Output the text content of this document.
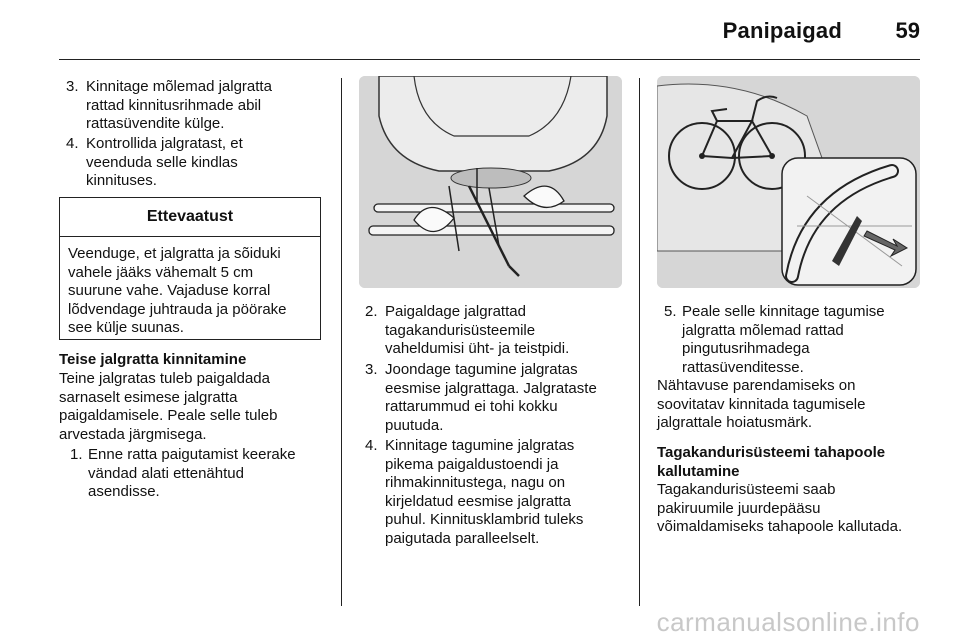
Panipaigad 59
3. Kinnitage mõlemad jalgratta
rattad kinnitusrihmade abil
rattasüvendite külge.
4. Kontrollida jalgratast, et
veenduda selle kindlas
kinnituses.
Ettevaatust
Veenduge, et jalgratta ja sõiduki
vahele jääks vähemalt 5 cm
suurune vahe. Vajaduse korral
lõdvendage juhtrauda ja pöörake
see külje suunas.
Teise jalgratta kinnitamine
Teine jalgratas tuleb paigaldada
sarnaselt esimese jalgratta
paigaldamisele. Peale selle tuleb
arvestada järgmisega.
1. Enne ratta paigutamist keerake
vändad alati ettenähtud
asendisse.
2. Paigaldage jalgrattad
tagakandurisüsteemile
vaheldumisi üht- ja teistpidi.
3. Joondage tagumine jalgratas
eesmise jalgrattaga. Jalgrataste
rattarummud ei tohi kokku
puutuda.
4. Kinnitage tagumine jalgratas
pikema paigaldustoendi ja
rihmakinnitustega, nagu on
kirjeldatud eesmise jalgratta
puhul. Kinnitusklambrid tuleks
paigutada paralleelselt.
5. Peale selle kinnitage tagumise
jalgratta mõlemad rattad
pingutusrihmadega
rattasüvenditesse.
Nähtavuse parendamiseks on
soovitatav kinnitada tagumisele
jalgrattale hoiatusmärk.
Tagakandurisüsteemi tahapoole
kallutamine
Tagakandurisüsteemi saab
pakiruumile juurdepääsu
võimaldamiseks tahapoole kallutada.
carmanualsonline.info
